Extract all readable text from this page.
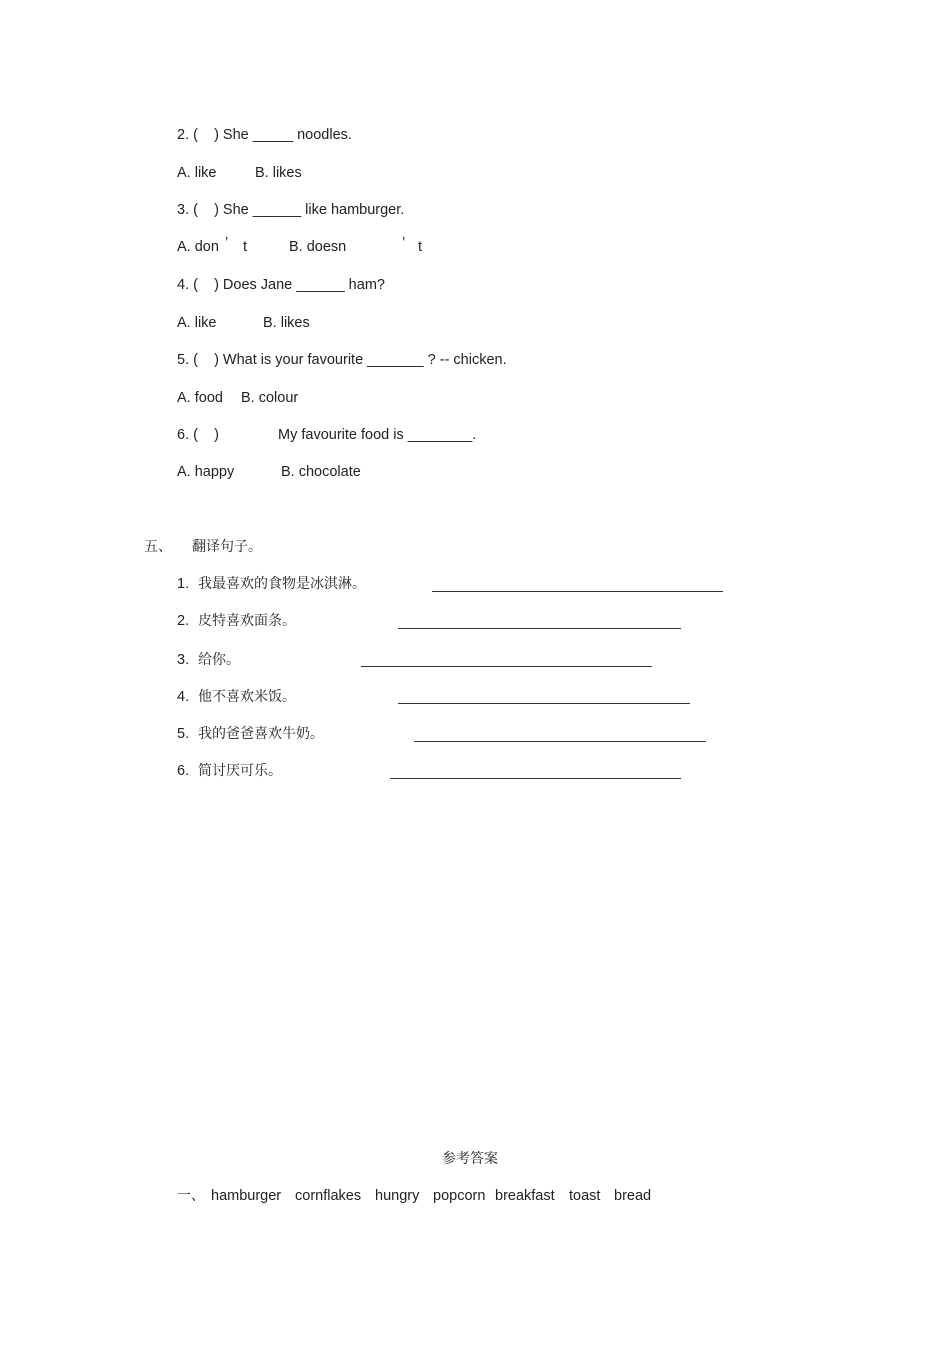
2. (    ) She _____ noodles.
A. like	B. likes
3. (    ) She ______ like hamburger.
A. don ’ t	B. doesn	’ t
4. (    ) Does Jane ______ ham?
A. like	B. likes
5. (    ) What is your favourite _______ ? -- chicken.
A. food B. colour
6. (    )	My favourite food is ________.
A. happy	B. chocolate
五、 翻译句子。
1. 我最喜欢的食物是冰淇淋。
2. 皮特喜欢面条。
3. 给你。
4. 他不喜欢米饭。
5. 我的爸爸喜欢牛奶。
6. 简讨厌可乐。
参考答案
一、 hamburger cornflakes hungry popcorn breakfast toast bread
